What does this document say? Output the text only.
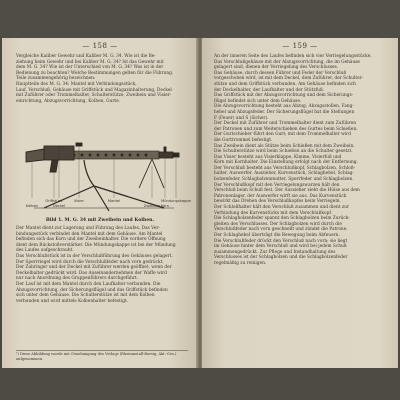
— 158 —
Vergleiche Kaliber Gewehr und Kaliber M. G. 34. Wie ist die Be-
ziehung beim Gewehr und bei Kaliber M. G. 34? Ist das Gewehr mit
dem M. G. 34? Wie ist der Unterschied von M. G. 34? Was ist in der
Bedienung zu beachten? Welche Bestimmungen gelten für die Führung.
Teile zusammengehörig bezeichnen:
Hauptteile des M. G. 34: Mantel mit Verbindungsstück,
Lauf, Verschluß, Gehäuse mit Griffstück und Magazinhalterung, Deckel
mit Zuführer oder Trommelhalter, Schulterstütze, Zweibein und Visier-
einrichtung, Abzugsvorrichtung, Kolben, Gurte.
Mündungskappe
Korn
Mantel
Zweibein
Visier
Deckel
Griffstück
Kolben
Bild 1. M. G. 34 mit Zweibein und Kolben.
Der Mantel dient zur Lagerung und Führung des Laufes. Das Ver-
bindungsstück verbindet den Mantel mit dem Gehäuse. Am Mantel
befinden sich das Korn und der Zweibeinhalter. Die vordere Öffnung
dient dem Rückstoßverstärker. Die Mündungskappe ist bei der Mündung
des Laufes aufgeschraubt.
Das Verschlußstück ist in der Verschlußführung des Gehäuses gelagert.
Der Sperrriegel wird durch die Verschlußfeder nach vorn gedrückt.
Der Zubringer und der Deckel mit Zuführer werden geöffnet, wenn der
Deckelhalter gedrückt wird. Das Auseinandernehmen der Waffe wird
nur nach Anordnung des Gruppenführers durchgeführt.
Der Lauf ist mit dem Mantel durch den Laufhalter verbunden. Die
Abzugsvorrichtung, der Sicherungsflügel und das Griffstück befinden
sich unter dem Gehäuse. Die Schulterstütze ist mit dem Kolben
verbunden und wird mittels Kolbenhalter befestigt.
¹) Diese Abbildung wurde mit Genehmigung des Verlags (Rheinmetall-Borsig, Akt.-Ges.) aufgenommen.
— 159 —
An der inneren Seite des Laufes befinden sich vier Verriegelungsstücke.
Das Verschlußgehäuse mit der Abzugsvorrichtung, die im Gehäuse
gelagert sind, dienen der Verriegelung des Verschlusses.
Das Gehäuse, durch dessen Führer und Feder der Verschluß
vorgeschoben wird, ist mit dem Deckel, dem Zuführer, der Schulter-
stütze und dem Griffstück verbunden. Am Gehäuse befinden sich
der Deckelhalter, der Laufhalter und der Stützfuß.
Das Griffstück mit der Abzugsvorrichtung und dem Sicherungs-
flügel befindet sich unter dem Gehäuse.
Die Abzugsvorrichtung besteht aus Abzug, Abzugsstollen, Fang-
hebel und Abzugsfeder. Der Sicherungsflügel hat die Stellungen
F (Feuer) und S (Sicher).
Der Deckel mit Zuführer und Trommelhalter dient zum Zuführen
der Patronen und zum Weiterschieben des Gurtes beim Schießen.
Der Gurtschieber führt den Gurt; mit dem Trommelhalter wird
die Gurttrommel befestigt.
Das Zweibein dient als Stütze beim Schießen mit dem Zweibein.
Die Schulterstütze wird beim Schießen an die Schulter gesetzt.
Das Visier besteht aus Visierklappe, Kimme, Visierfuß und
Korn mit Kornhalter. Die Einstellung erfolgt nach der Entfernung.
Der Verschluß besteht aus Verschlußkopf, Schlagbolzen, Schloß-
halter, Auswerfer, Auszieher, Kurvenstück, Schlaghebel, Schlag-
bolzenfeder, Schlagbolzenmutter, Sperrfeder und Schlagbolzen.
Der Verschlußkopf mit den Verriegelungswarzen hält den
Verschluß beim Schuß fest. Der Auszieher zieht die Hülse aus dem
Patronenlager, der Auswerfer wirft sie aus. Das Kurvenstück
bewirkt das Drehen des Verschlußkopfes beim Verriegeln.
Der Schloßhalter hält den Verschluß zusammen und dient zur
Verbindung des Kurvenstücks mit dem Verschlußkopf.
Die Schlagbolzenfeder spannt den Schlagbolzen beim Zurück-
gleiten des Verschlusses. Der Schlagbolzen wird durch die
Verschlußfeder nach vorn geschnellt und zündet die Patrone.
Der Schlaghebel überträgt die Bewegung beim Abfeuern.
Die Verschlußfeder drückt den Verschluß nach vorn; sie liegt
im Gehäuse hinter dem Verschluß und wird bei jedem Schuß
zusammengedrückt. Zur Pflege und Instandhaltung des
Verschlusses ist der Schlagbolzen und die Schlagbolzenfeder
regelmäßig zu reinigen.
